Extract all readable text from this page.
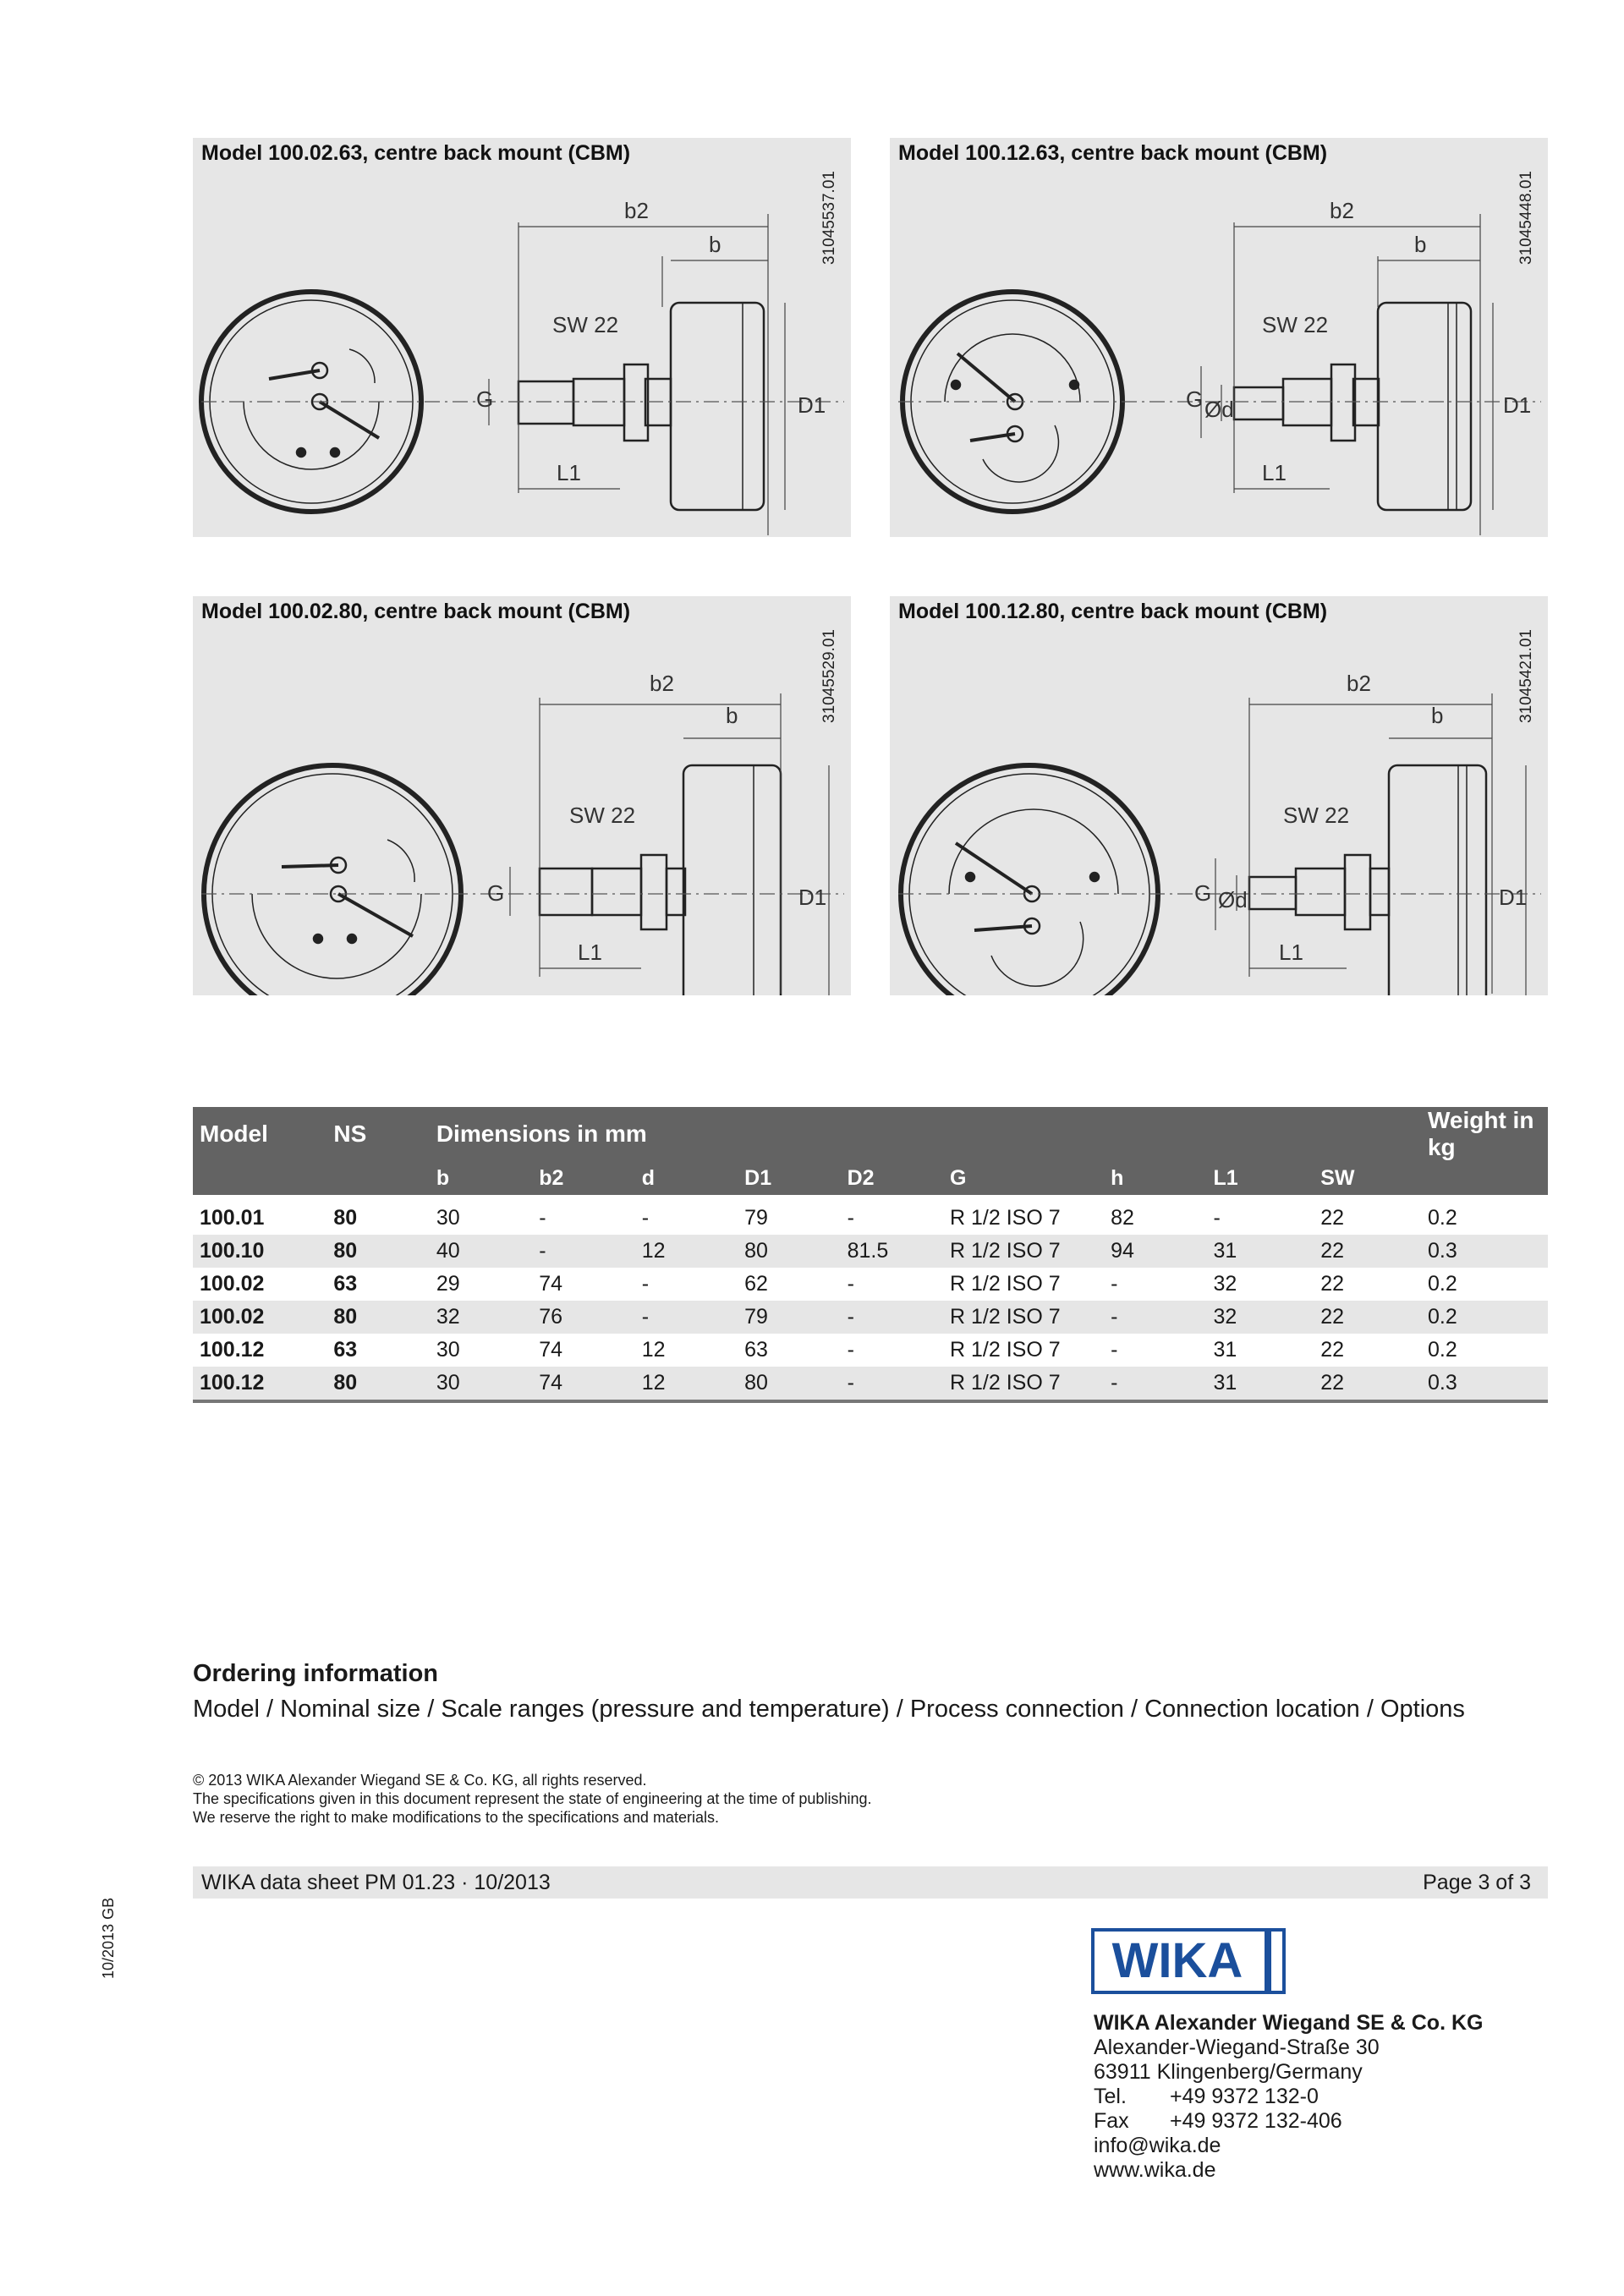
b2
b
SW 22
G	D1
L1
Model 100.02.63, centre back mount (CBM)
31045537.01	b2
b
SW 22
G Ød	D1
L1
Model 100.12.63, centre back mount (CBM)
31045448.01
b2
b
SW 22
G	D1
L1
Model 100.02.80, centre back mount (CBM)
31045529.01	b2
b
SW 22
G Ød	D1
L1
Model 100.12.80, centre back mount (CBM)
31045421.01
Model	NS	Dimensions in mm									Weight in kg
		b	b2	d	D1	D2	G	h	L1	SW	

100.01	80	30	-	-	79	-	R 1/2 ISO 7	82	-	22	0.2
100.10	80	40	-	12	80	81.5	R 1/2 ISO 7	94	31	22	0.3
100.02	63	29	74	-	62	-	R 1/2 ISO 7	-	32	22	0.2
100.02	80	32	76	-	79	-	R 1/2 ISO 7	-	32	22	0.2
100.12	63	30	74	12	63	-	R 1/2 ISO 7	-	31	22	0.2
100.12	80	30	74	12	80	-	R 1/2 ISO 7	-	31	22	0.3
Ordering information
Model / Nominal size / Scale ranges (pressure and temperature) / Process connection / Connection location / Options
© 2013 WIKA Alexander Wiegand SE & Co. KG, all rights reserved.
The specifications given in this document represent the state of engineering at the time of publishing.
We reserve the right to make modifications to the specifications and materials.
WIKA data sheet PM 01.23 · 10/2013	Page 3 of 3
10/2013 GB	WIKA
WIKA Alexander Wiegand SE & Co. KG
Alexander-Wiegand-Straße 30
63911 Klingenberg/Germany
Tel. +49 9372 132-0
Fax +49 9372 132-406
info@wika.de
www.wika.de
